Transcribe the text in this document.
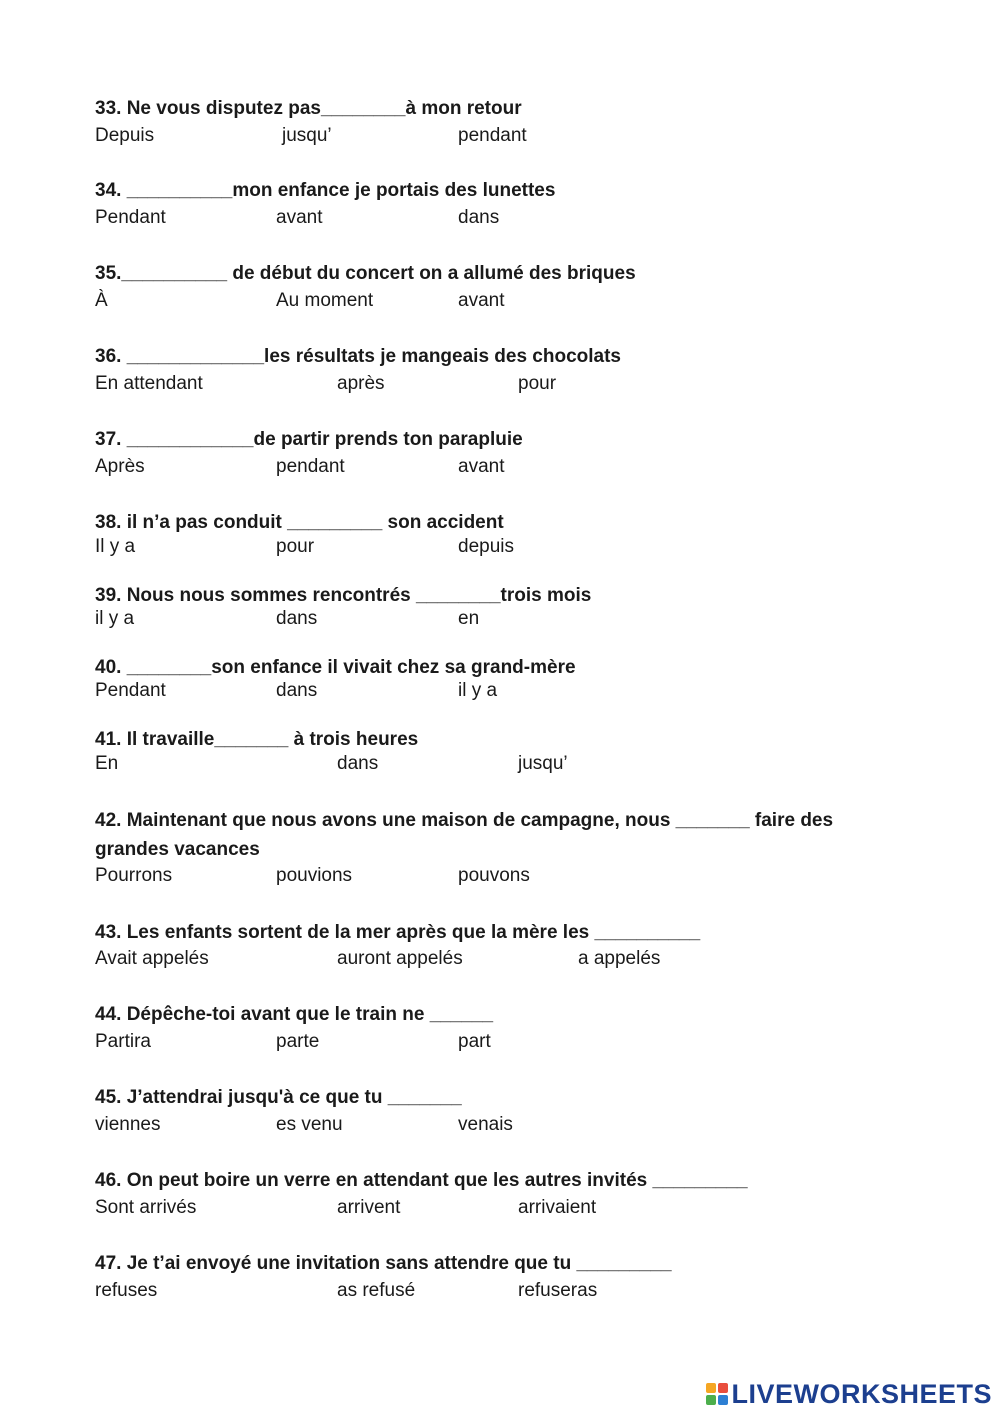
33. Ne vous disputez pas________à mon retour
Depuis	jusqu’	pendant
34. __________mon enfance je portais des lunettes
Pendant	avant	dans
35.__________ de début du concert on a allumé des briques
À	Au moment	avant
36. _____________les résultats je mangeais des chocolats
En attendant	après	pour
37. ____________de partir prends ton parapluie
Après	pendant	avant
38. il n’a pas conduit _________ son accident
Il y a	pour	depuis
39. Nous nous sommes rencontrés ________trois mois
il y a	dans	en
40. ________son enfance il vivait chez sa grand-mère
Pendant	dans	il y a
41. Il travaille_______ à trois heures
En	dans	jusqu’
42. Maintenant que nous avons une maison de campagne, nous _______ faire des grandes vacances
Pourrons	pouvions	pouvons
43. Les enfants sortent de la mer après que la mère les __________
Avait appelés	auront appelés	a appelés
44. Dépêche-toi avant que le train ne ______
Partira	parte	part
45. J’attendrai jusqu'à ce que tu _______
viennes	es venu	venais
46. On peut boire un verre en attendant que les autres invités _________
Sont arrivés	arrivent	arrivaient
47. Je t’ai envoyé une invitation sans attendre que tu _________
refuses	as refusé	refuseras
LIVEWORKSHEETS
